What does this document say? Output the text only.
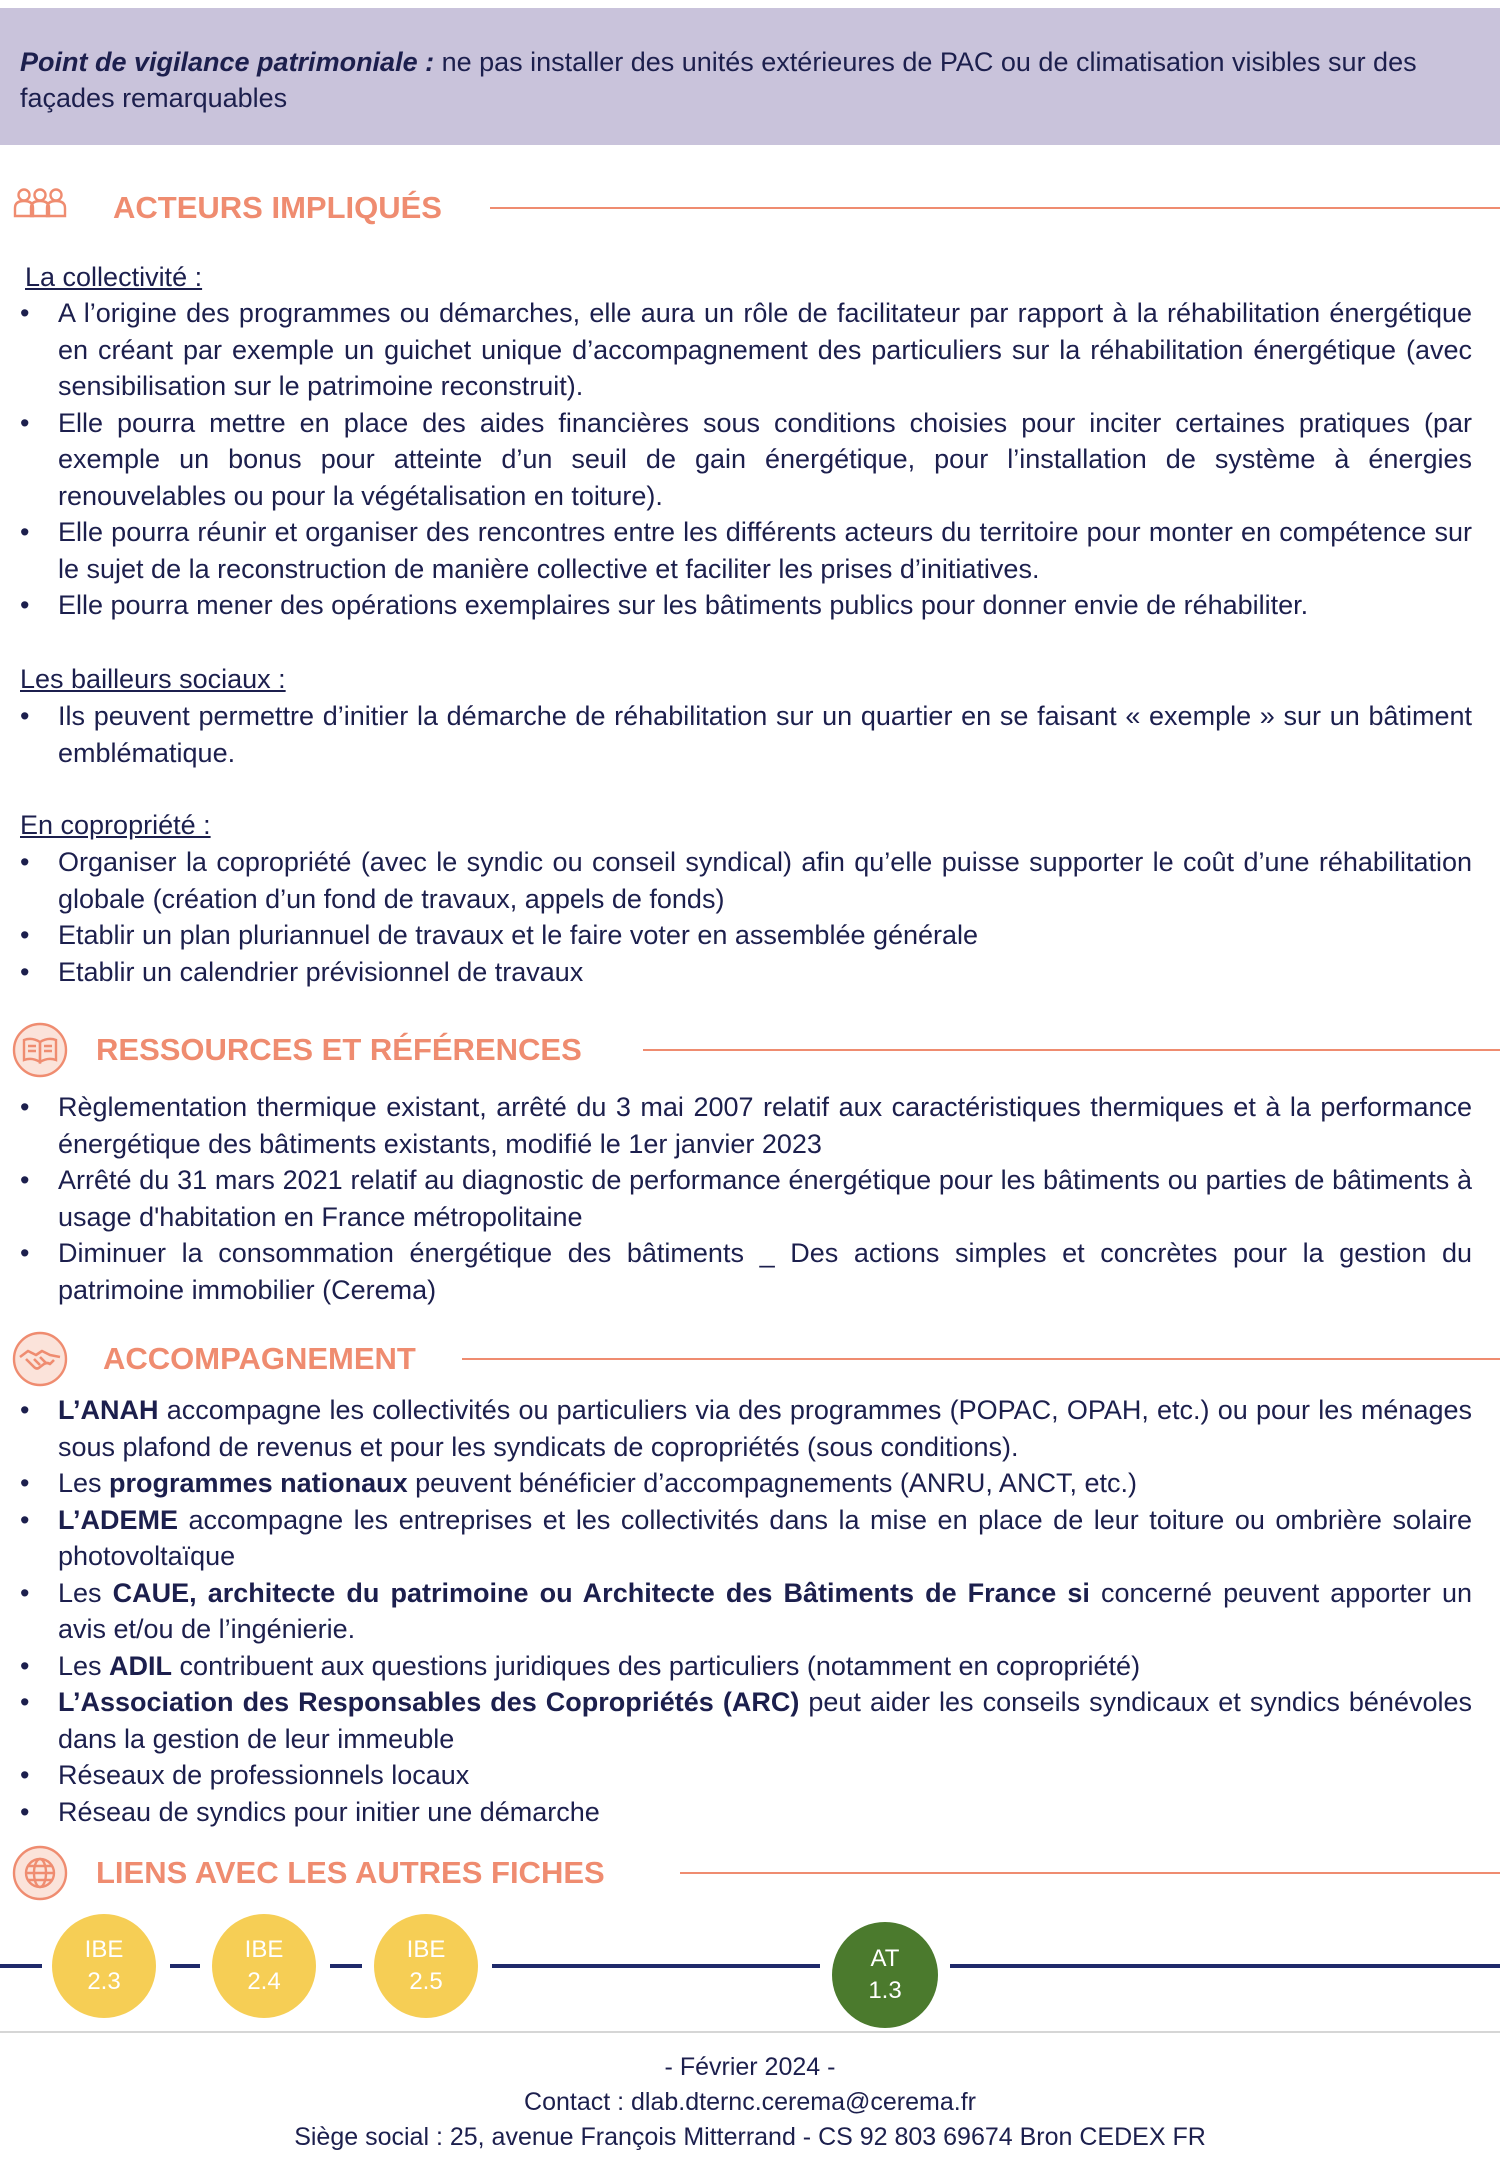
Point de vigilance patrimoniale : ne pas installer des unités extérieures de PAC ou de climatisation visibles sur des façades remarquables
ACTEURS IMPLIQUÉS
La collectivité :
• A l’origine des programmes ou démarches, elle aura un rôle de facilitateur par rapport à la réhabilitation énergétique en créant par exemple un guichet unique d’accompagnement des particuliers sur la réhabilitation énergétique (avec sensibilisation sur le patrimoine reconstruit).
• Elle pourra mettre en place des aides financières sous conditions choisies pour inciter certaines pratiques (par exemple un bonus pour atteinte d’un seuil de gain énergétique, pour l’installation de système à énergies renouvelables ou pour la végétalisation en toiture).
• Elle pourra réunir et organiser des rencontres entre les différents acteurs du territoire pour monter en compétence sur le sujet de la reconstruction de manière collective et faciliter les prises d’initiatives.
• Elle pourra mener des opérations exemplaires sur les bâtiments publics pour donner envie de réhabiliter.
Les bailleurs sociaux :
• Ils peuvent permettre d’initier la démarche de réhabilitation sur un quartier en se faisant « exemple » sur un bâtiment emblématique.
En copropriété :
• Organiser la copropriété (avec le syndic ou conseil syndical) afin qu’elle puisse supporter le coût d’une réhabilitation globale (création d’un fond de travaux, appels de fonds)
• Etablir un plan pluriannuel de travaux et le faire voter en assemblée générale
• Etablir un calendrier prévisionnel de travaux
RESSOURCES ET RÉFÉRENCES
• Règlementation thermique existant, arrêté du 3 mai 2007 relatif aux caractéristiques thermiques et à la performance énergétique des bâtiments existants, modifié le 1er janvier 2023
• Arrêté du 31 mars 2021 relatif au diagnostic de performance énergétique pour les bâtiments ou parties de bâtiments à usage d'habitation en France métropolitaine
• Diminuer la consommation énergétique des bâtiments _ Des actions simples et concrètes pour la gestion du patrimoine immobilier (Cerema)
ACCOMPAGNEMENT
• L’ANAH accompagne les collectivités ou particuliers via des programmes (POPAC, OPAH, etc.) ou pour les ménages sous plafond de revenus et pour les syndicats de copropriétés (sous conditions).
• Les programmes nationaux peuvent bénéficier d’accompagnements (ANRU, ANCT, etc.)
• L’ADEME accompagne les entreprises et les collectivités dans la mise en place de leur toiture ou ombrière solaire photovoltaïque
• Les CAUE, architecte du patrimoine ou Architecte des Bâtiments de France si concerné peuvent apporter un avis et/ou de l’ingénierie.
• Les ADIL contribuent aux questions juridiques des particuliers (notamment en copropriété)
• L’Association des Responsables des Copropriétés (ARC) peut aider les conseils syndicaux et syndics bénévoles dans la gestion de leur immeuble
• Réseaux de professionnels locaux
• Réseau de syndics pour initier une démarche
LIENS AVEC LES AUTRES FICHES
IBE
2.3
IBE
2.4
IBE
2.5
AT
1.3
- Février 2024 -
Contact : dlab.dternc.cerema@cerema.fr
Siège social : 25, avenue François Mitterrand - CS 92 803 69674 Bron CEDEX FR
